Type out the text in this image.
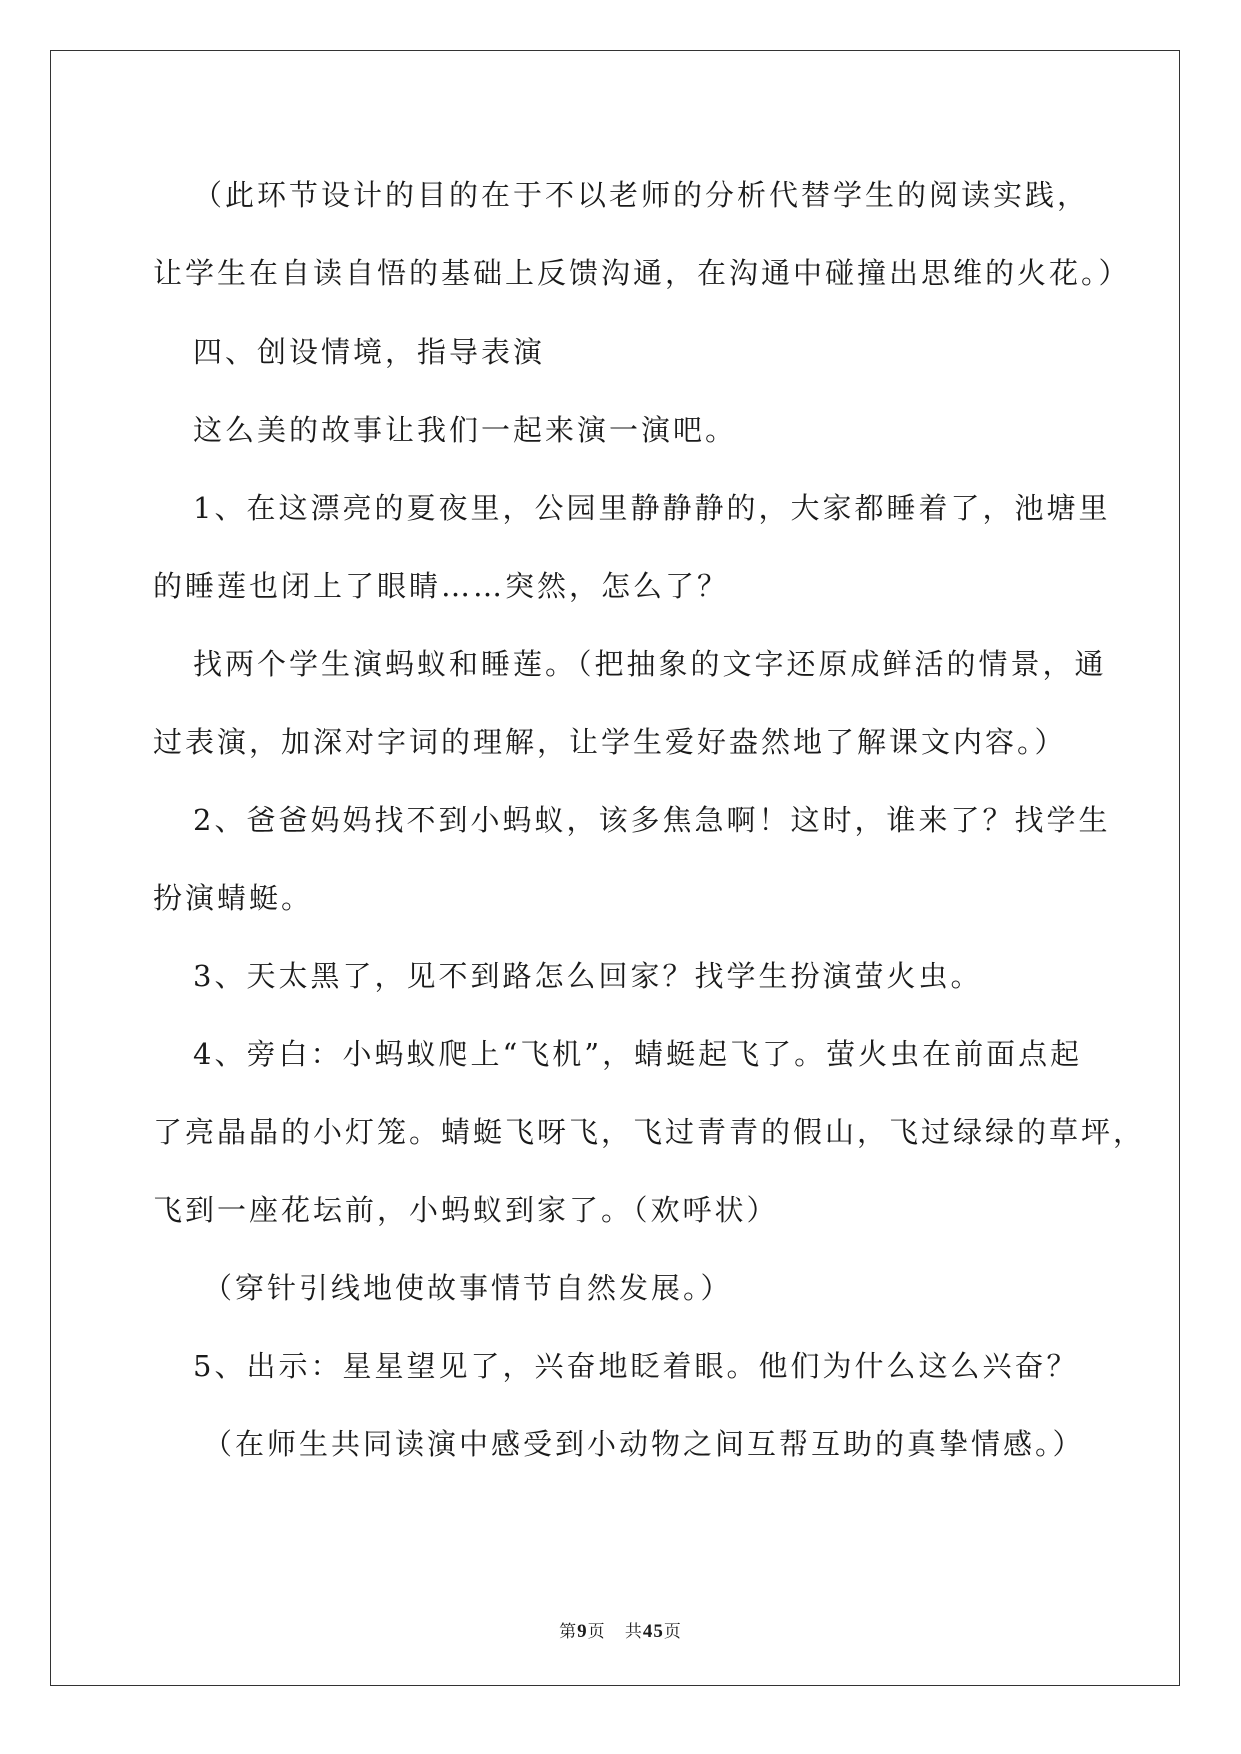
（此环节设计的目的在于不以老师的分析代替学生的阅读实践，

让学生在自读自悟的基础上反馈沟通，在沟通中碰撞出思维的火花。）

四、创设情境，指导表演

这么美的故事让我们一起来演一演吧。

1、在这漂亮的夏夜里，公园里静静静的，大家都睡着了，池塘里

的睡莲也闭上了眼睛……突然，怎么了？

找两个学生演蚂蚁和睡莲。（把抽象的文字还原成鲜活的情景，通

过表演，加深对字词的理解，让学生爱好盎然地了解课文内容。）

2、爸爸妈妈找不到小蚂蚁，该多焦急啊！这时，谁来了？找学生

扮演蜻蜓。

3、天太黑了，见不到路怎么回家？找学生扮演萤火虫。

4、旁白：小蚂蚁爬上“飞机”，蜻蜓起飞了。萤火虫在前面点起

了亮晶晶的小灯笼。蜻蜓飞呀飞，飞过青青的假山，飞过绿绿的草坪，

飞到一座花坛前，小蚂蚁到家了。（欢呼状）

（穿针引线地使故事情节自然发展。）

5、出示：星星望见了，兴奋地眨着眼。他们为什么这么兴奋？

（在师生共同读演中感受到小动物之间互帮互助的真挚情感。）

第9页   共45页
